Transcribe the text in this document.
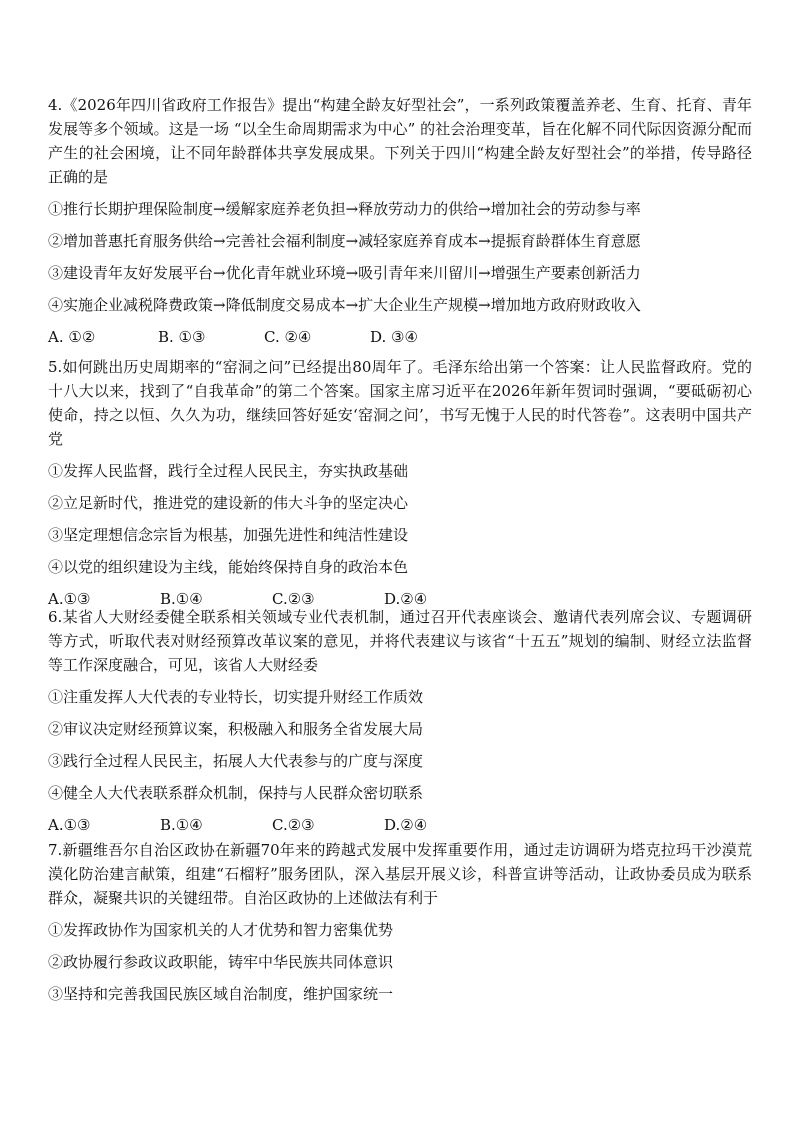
4.《2026年四川省政府工作报告》提出“构建全龄友好型社会”，一系列政策覆盖养老、生育、托育、青年发展等多个领域。这是一场 “以全生命周期需求为中心” 的社会治理变革，旨在化解不同代际因资源分配而产生的社会困境，让不同年龄群体共享发展成果。下列关于四川“构建全龄友好型社会”的举措，传导路径正确的是

①推行长期护理保险制度→缓解家庭养老负担→释放劳动力的供给→增加社会的劳动参与率

②增加普惠托育服务供给→完善社会福利制度→减轻家庭养育成本→提振育龄群体生育意愿

③建设青年友好发展平台→优化青年就业环境→吸引青年来川留川→增强生产要素创新活力

④实施企业减税降费政策→降低制度交易成本→扩大企业生产规模→增加地方政府财政收入

A. ①②	B. ①③	C. ②④	D. ③④

5.如何跳出历史周期率的“窑洞之问”已经提出80周年了。毛泽东给出第一个答案：让人民监督政府。党的十八大以来，找到了“自我革命”的第二个答案。国家主席习近平在2026年新年贺词时强调，“要砥砺初心使命，持之以恒、久久为功，继续回答好延安‘窑洞之问’，书写无愧于人民的时代答卷”。这表明中国共产党

①发挥人民监督，践行全过程人民民主，夯实执政基础

②立足新时代，推进党的建设新的伟大斗争的坚定决心

③坚定理想信念宗旨为根基，加强先进性和纯洁性建设

④以党的组织建设为主线，能始终保持自身的政治本色

A.①③	B.①④	C.②③	D.②④

6.某省人大财经委健全联系相关领域专业代表机制，通过召开代表座谈会、邀请代表列席会议、专题调研等方式，听取代表对财经预算改革议案的意见，并将代表建议与该省“十五五”规划的编制、财经立法监督等工作深度融合，可见，该省人大财经委

①注重发挥人大代表的专业特长，切实提升财经工作质效

②审议决定财经预算议案，积极融入和服务全省发展大局

③践行全过程人民民主，拓展人大代表参与的广度与深度

④健全人大代表联系群众机制，保持与人民群众密切联系

A.①③	B.①④	C.②③	D.②④

7.新疆维吾尔自治区政协在新疆70年来的跨越式发展中发挥重要作用，通过走访调研为塔克拉玛干沙漠荒漠化防治建言献策，组建“石榴籽”服务团队，深入基层开展义诊，科普宣讲等活动，让政协委员成为联系群众，凝聚共识的关键纽带。自治区政协的上述做法有利于

①发挥政协作为国家机关的人才优势和智力密集优势

②政协履行参政议政职能，铸牢中华民族共同体意识

③坚持和完善我国民族区域自治制度，维护国家统一
